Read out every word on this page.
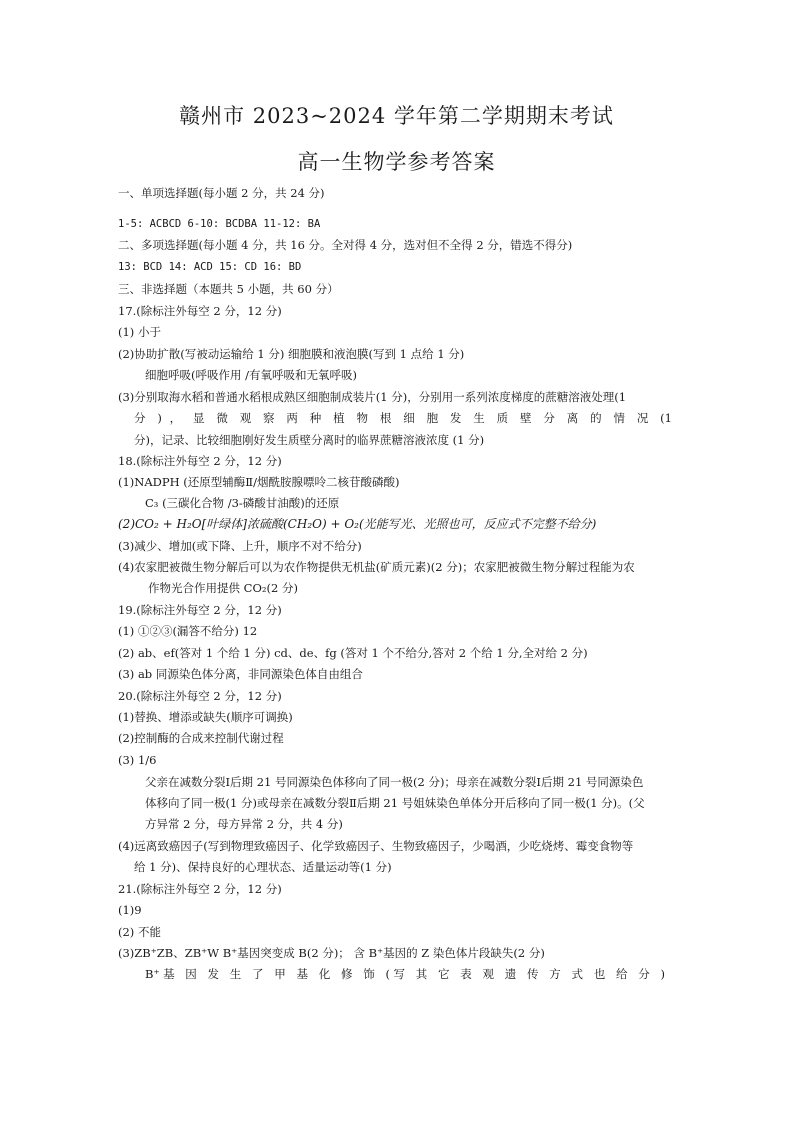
赣州市 2023~2024 学年第二学期期末考试
高一生物学参考答案
一、单项选择题(每小题 2 分，共 24 分)
1-5: ACBCD 6-10: BCDBA 11-12: BA
二、多项选择题(每小题 4 分，共 16 分。全对得 4 分，选对但不全得 2 分，错选不得分)
13: BCD 14: ACD 15: CD 16: BD
三、非选择题（本题共 5 小题，共 60 分）
17.(除标注外每空 2 分，12 分)
(1) 小于
(2)协助扩散(写被动运输给 1 分) 细胞膜和液泡膜(写到 1 点给 1 分)
细胞呼吸(呼吸作用 /有氧呼吸和无氧呼吸)
(3)分别取海水稻和普通水稻根成熟区细胞制成装片(1 分)，分别用一系列浓度梯度的蔗糖溶液处理(1
分 ) ， 显 微 观 察 两 种 植 物 根 细 胞 发 生 质 壁 分 离 的 情 况 (1
分)，记录、比较细胞刚好发生质壁分离时的临界蔗糖溶液浓度 (1 分)
18.(除标注外每空 2 分，12 分)
(1)NADPH (还原型辅酶Ⅱ/烟酰胺腺嘌呤二核苷酸磷酸)
C₃ (三碳化合物 /3-磷酸甘油酸)的还原
(2)CO₂ + H₂O[叶绿体]浓硫酸(CH₂O) + O₂(光能写光、光照也可，反应式不完整不给分)
(3)减少、增加(或下降、上升，顺序不对不给分)
(4)农家肥被微生物分解后可以为农作物提供无机盐(矿质元素)(2 分)；农家肥被微生物分解过程能为农
作物光合作用提供 CO₂(2 分)
19.(除标注外每空 2 分，12 分)
(1) ①②③(漏答不给分) 12
(2) ab、ef(答对 1 个给 1 分) cd、de、fg (答对 1 个不给分,答对 2 个给 1 分,全对给 2 分)
(3) ab 同源染色体分离，非同源染色体自由组合
20.(除标注外每空 2 分，12 分)
(1)替换、增添或缺失(顺序可调换)
(2)控制酶的合成来控制代谢过程
(3) 1/6
父亲在减数分裂Ⅰ后期 21 号同源染色体移向了同一极(2 分)；母亲在减数分裂Ⅰ后期 21 号同源染色
体移向了同一极(1 分)或母亲在减数分裂Ⅱ后期 21 号姐妹染色单体分开后移向了同一极(1 分)。(父
方异常 2 分，母方异常 2 分，共 4 分)
(4)远离致癌因子(写到物理致癌因子、化学致癌因子、生物致癌因子，少喝酒，少吃烧烤、霉变食物等
给 1 分)、保持良好的心理状态、适量运动等(1 分)
21.(除标注外每空 2 分，12 分)
(1)9
(2) 不能
(3)ZB⁺ZB、ZB⁺W B⁺基因突变成 B(2 分)； 含 B⁺基因的 Z 染色体片段缺失(2 分)
B⁺基 因 发 生 了 甲 基 化 修 饰 (写 其 它 表 观 遗 传 方 式 也 给 分 )
